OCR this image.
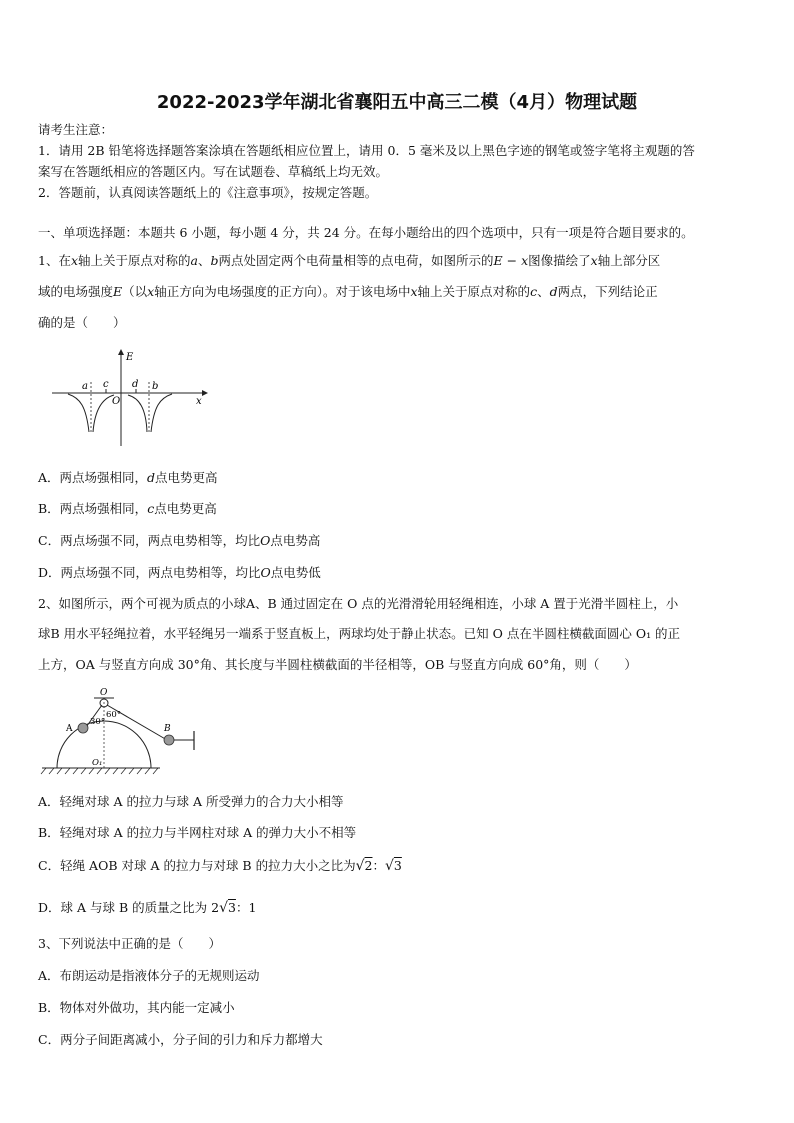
2022-2023学年湖北省襄阳五中高三二模（4月）物理试题
请考生注意：
1．请用 2B 铅笔将选择题答案涂填在答题纸相应位置上，请用 0．5 毫米及以上黑色字迹的钢笔或签字笔将主观题的答
案写在答题纸相应的答题区内。写在试题卷、草稿纸上均无效。
2．答题前，认真阅读答题纸上的《注意事项》，按规定答题。
一、单项选择题：本题共 6 小题，每小题 4 分，共 24 分。在每小题给出的四个选项中，只有一项是符合题目要求的。
1、在x轴上关于原点对称的a、b两点处固定两个电荷量相等的点电荷，如图所示的E − x图像描绘了x轴上部分区
域的电场强度E（以x轴正方向为电场强度的正方向）。对于该电场中x轴上关于原点对称的c、d两点，下列结论正
确的是（　　）
E
a c
O
d b
x
A．两点场强相同，d点电势更高
B．两点场强相同，c点电势更高
C．两点场强不同，两点电势相等，均比O点电势高
D．两点场强不同，两点电势相等，均比O点电势低
2、如图所示，两个可视为质点的小球A、B 通过固定在 O 点的光滑滑轮用轻绳相连，小球 A 置于光滑半圆柱上，小
球B 用水平轻绳拉着，水平轻绳另一端系于竖直板上，两球均处于静止状态。已知 O 点在半圆柱横截面圆心 O₁ 的正
上方，OA 与竖直方向成 30°角、其长度与半圆柱横截面的半径相等，OB 与竖直方向成 60°角，则（　　）
O
30°
60°
A	B
O₁
A．轻绳对球 A 的拉力与球 A 所受弹力的合力大小相等
B．轻绳对球 A 的拉力与半网柱对球 A 的弹力大小不相等
C．轻绳 AOB 对球 A 的拉力与对球 B 的拉力大小之比为√2：√3
D．球 A 与球 B 的质量之比为 2√3：1
3、下列说法中正确的是（　　）
A．布朗运动是指液体分子的无规则运动
B．物体对外做功，其内能一定减小
C．两分子间距离减小，分子间的引力和斥力都增大
